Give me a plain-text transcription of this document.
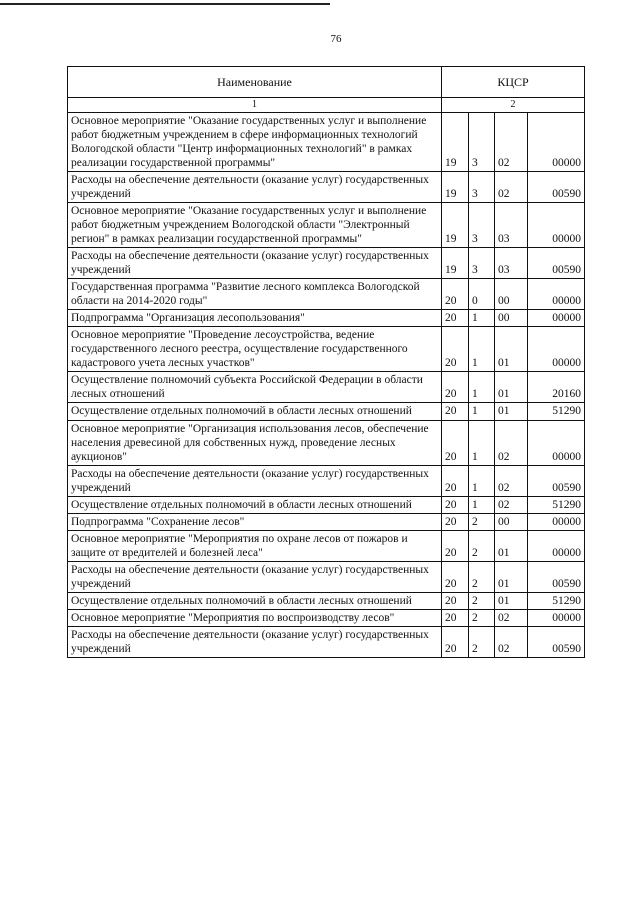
76
Наименование	КЦСР			
1	2			
Основное мероприятие "Оказание государственных услуг и выполнение работ бюджетным учреждением в сфере информационных технологий Вологодской области "Центр информационных технологий" в рамках реализации государственной программы"	19	3	02	00000
Расходы на обеспечение деятельности (оказание услуг) государственных учреждений	19	3	02	00590
Основное мероприятие "Оказание государственных услуг и выполнение работ бюджетным учреждением Вологодской области "Электронный регион" в рамках реализации государственной программы"	19	3	03	00000
Расходы на обеспечение деятельности (оказание услуг) государственных учреждений	19	3	03	00590
Государственная программа "Развитие лесного комплекса Вологодской области на 2014-2020 годы"	20	0	00	00000
Подпрограмма "Организация лесопользования"	20	1	00	00000
Основное мероприятие "Проведение лесоустройства, ведение государственного лесного реестра, осуществление государственного кадастрового учета лесных участков"	20	1	01	00000
Осуществление полномочий субъекта Российской Федерации в области лесных отношений	20	1	01	20160
Осуществление отдельных полномочий в области лесных отношений	20	1	01	51290
Основное мероприятие "Организация использования лесов, обеспечение населения древесиной для собственных нужд, проведение лесных аукционов"	20	1	02	00000
Расходы на обеспечение деятельности (оказание услуг) государственных учреждений	20	1	02	00590
Осуществление отдельных полномочий в области лесных отношений	20	1	02	51290
Подпрограмма "Сохранение лесов"	20	2	00	00000
Основное мероприятие "Мероприятия по охране лесов от пожаров и защите от вредителей и болезней леса"	20	2	01	00000
Расходы на обеспечение деятельности (оказание услуг) государственных учреждений	20	2	01	00590
Осуществление отдельных полномочий в области лесных отношений	20	2	01	51290
Основное мероприятие "Мероприятия по воспроизводству лесов"	20	2	02	00000
Расходы на обеспечение деятельности (оказание услуг) государственных учреждений	20	2	02	00590
